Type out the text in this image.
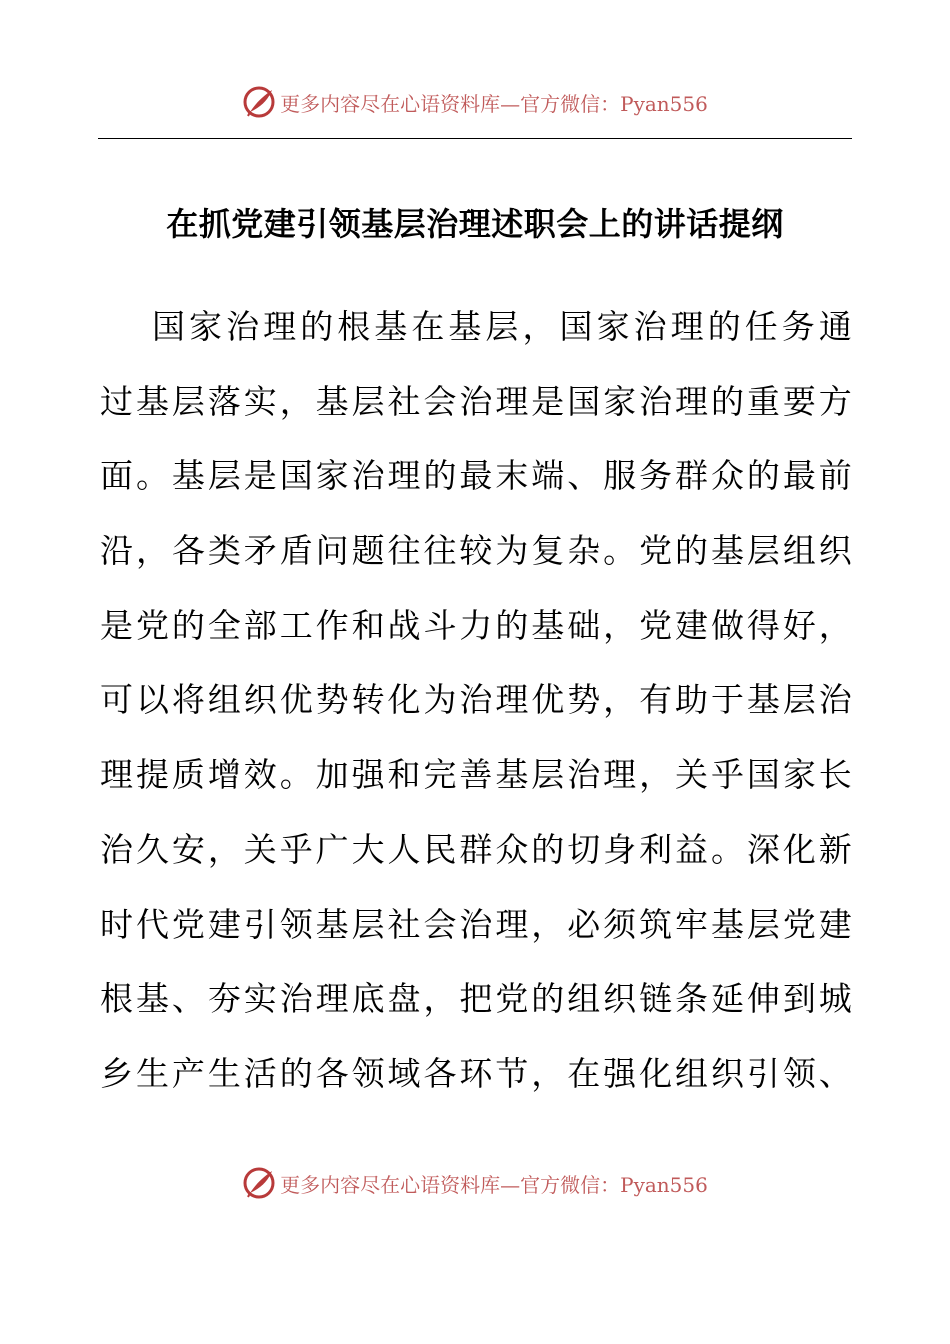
更多内容尽在心语资料库—官方微信：Pyan556
在抓党建引领基层治理述职会上的讲话提纲
国 家 治 理 的 根 基 在 基 层 ， 国 家 治 理 的 任 务 通
过 基 层 落 实 ， 基 层 社 会 治 理 是 国 家 治 理 的 重 要 方
面 。 基 层 是 国 家 治 理 的 最 末 端 、 服 务 群 众 的 最 前
沿 ， 各 类 矛 盾 问 题 往 往 较 为 复 杂 。 党 的 基 层 组 织
是 党 的 全 部 工 作 和 战 斗 力 的 基 础 ， 党 建 做 得 好 ，
可 以 将 组 织 优 势 转 化 为 治 理 优 势 ， 有 助 于 基 层 治
理 提 质 增 效 。 加 强 和 完 善 基 层 治 理 ， 关 乎 国 家 长
治 久 安 ， 关 乎 广 大 人 民 群 众 的 切 身 利 益 。 深 化 新
时 代 党 建 引 领 基 层 社 会 治 理 ， 必 须 筑 牢 基 层 党 建
根 基 、 夯 实 治 理 底 盘 ， 把 党 的 组 织 链 条 延 伸 到 城
乡 生 产 生 活 的 各 领 域 各 环 节 ， 在 强 化 组 织 引 领 、
更多内容尽在心语资料库—官方微信：Pyan556
